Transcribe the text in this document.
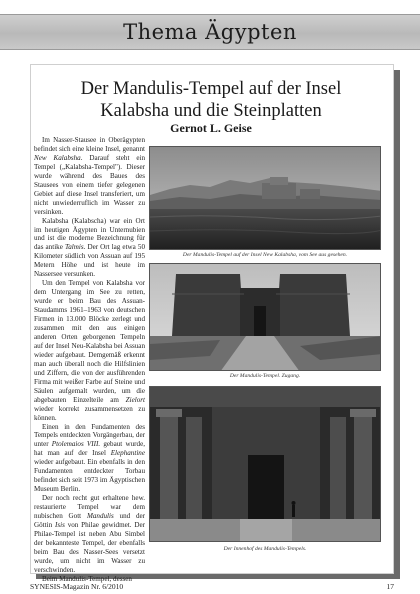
Thema Ägypten
Der Mandulis-Tempel auf der Insel
Kalabsha und die Steinplatten
Gernot L. Geise

Im Nasser-Stausee in Oberägypten befindet sich eine kleine Insel, genannt New Kalabsha. Darauf steht ein Tempel („Kalabsha-Tempel"). Dieser wurde während des Baues des Stausees von einem tiefer gelegenen Gebiet auf diese Insel transferiert, um nicht unwiederruflich im Wasser zu versinken.

Kalabsha (Kalabscha) war ein Ort im heutigen Ägypten in Unternubien und ist die moderne Bezeichnung für das antike Talmis. Der Ort lag etwa 50 Kilometer südlich von Assuan auf 195 Metern Höhe und ist heute im Nassersee versunken.

Um den Tempel von Kalabsha vor dem Untergang im See zu retten, wurde er beim Bau des Assuan-Staudamms 1961–1963 von deutschen Firmen in 13.000 Blöcke zerlegt und zusammen mit den aus einigen anderen Orten geborgenen Tempeln auf der Insel Neu-Kalabsha bei Assuan wieder aufgebaut. Demgemäß erkennt man auch überall noch die Hilfslinien und Ziffern, die von der ausführenden Firma mit weißer Farbe auf Steine und Säulen aufgemalt wurden, um die abgebauten Einzelteile am Zielort wieder korrekt zusammensetzen zu können.

Einen in den Fundamenten des Tempels entdeckten Vorgängerbau, der unter Ptolemaios VIII. gebaut wurde, hat man auf der Insel Elephantine wieder aufgebaut. Ein ebenfalls in den Fundamenten entdeckter Torbau befindet sich seit 1973 im Ägyptischen Museum Berlin.

Der noch recht gut erhaltene hew. restaurierte Tempel war dem nubischen Gott Mandulis und der Göttin Isis von Philae gewidmet. Der Philae-Tempel ist neben Abu Simbel der bekannteste Tempel, der ebenfalls beim Bau des Nasser-Sees versetzt wurde, um nicht im Wasser zu verschwinden.

Beim Mandulis-Tempel, dessen

Der Mandulis-Tempel auf der Insel New Kalabsha, vom See aus gesehen.
Der Mandulis-Tempel. Zugang.
Der Innenhof des Mandulis-Tempels.
SYNESIS-Magazin Nr. 6/2010	17
